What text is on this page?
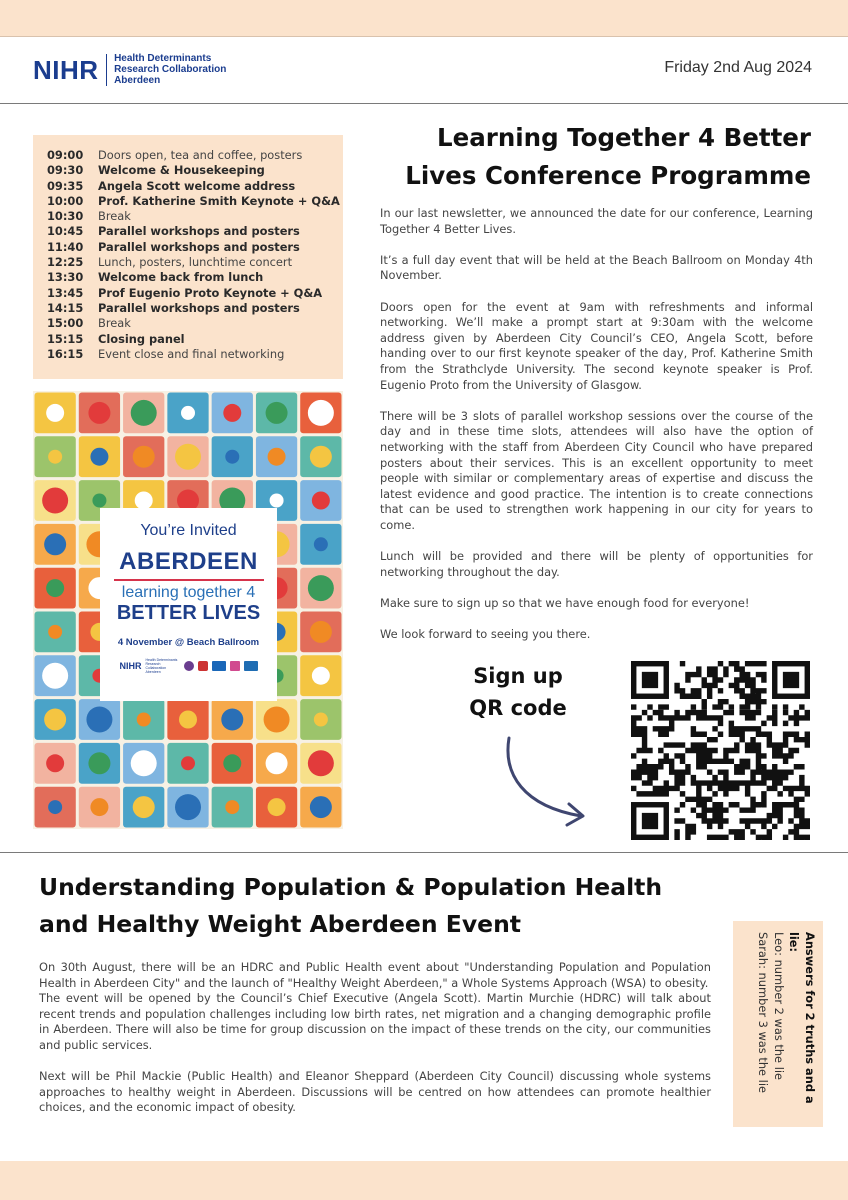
NIHR Health Determinants
Research Collaboration
Aberdeen
Friday 2nd Aug 2024
09:00	Doors open, tea and coffee, posters
09:30	Welcome & Housekeeping
09:35	Angela Scott welcome address
10:00	Prof. Katherine Smith Keynote + Q&A
10:30	Break
10:45	Parallel workshops and posters
11:40	Parallel workshops and posters
12:25	Lunch, posters, lunchtime concert
13:30	Welcome back from lunch
13:45	Prof Eugenio Proto Keynote + Q&A
14:15	Parallel workshops and posters
15:00	Break
15:15	Closing panel
16:15	Event close and final networking
You’re Invited
ABERDEEN
learning together 4
BETTER LIVES
4 November @ Beach Ballroom
NIHR
Health Determinants Research Collaboration Aberdeen
Learning Together 4 Better
Lives Conference Programme

In our last newsletter, we announced the date for our conference, Learning Together 4 Better Lives.

It’s a full day event that will be held at the Beach Ballroom on Monday 4th November.

Doors open for the event at 9am with refreshments and informal networking. We’ll make a prompt start at 9:30am with the welcome address given by Aberdeen City Council’s CEO, Angela Scott, before handing over to our first keynote speaker of the day, Prof. Katherine Smith from the Strathclyde University. The second keynote speaker is Prof. Eugenio Proto from the University of Glasgow.

There will be 3 slots of parallel workshop sessions over the course of the day and in these time slots, attendees will also have the option of networking with the staff from Aberdeen City Council who have prepared posters about their services. This is an excellent opportunity to meet people with similar or complementary areas of expertise and discuss the latest evidence and good practice. The intention is to create connections that can be used to strengthen work happening in our city for years to come.

Lunch will be provided and there will be plenty of opportunities for networking throughout the day.

Make sure to sign up so that we have enough food for everyone!

We look forward to seeing you there.

Sign up
QR code
Understanding Population & Population Health
and Healthy Weight Aberdeen Event

On 30th August, there will be an HDRC and Public Health event about "Understanding Population and Population Health in Aberdeen City" and the launch of "Healthy Weight Aberdeen," a Whole Systems Approach (WSA) to obesity.

The event will be opened by the Council’s Chief Executive (Angela Scott). Martin Murchie (HDRC) will talk about recent trends and population challenges including low birth rates, net migration and a changing demographic profile in Aberdeen. There will also be time for group discussion on the impact of these trends on the city, our communities and public services.

Next will be Phil Mackie (Public Health) and Eleanor Sheppard (Aberdeen City Council) discussing whole systems approaches to healthy weight in Aberdeen. Discussions will be centred on how attendees can promote healthier choices, and the economic impact of obesity.

Answers for 2 truths and a lie:
Leo: number 2 was the lie
Sarah: number 3 was the lie
